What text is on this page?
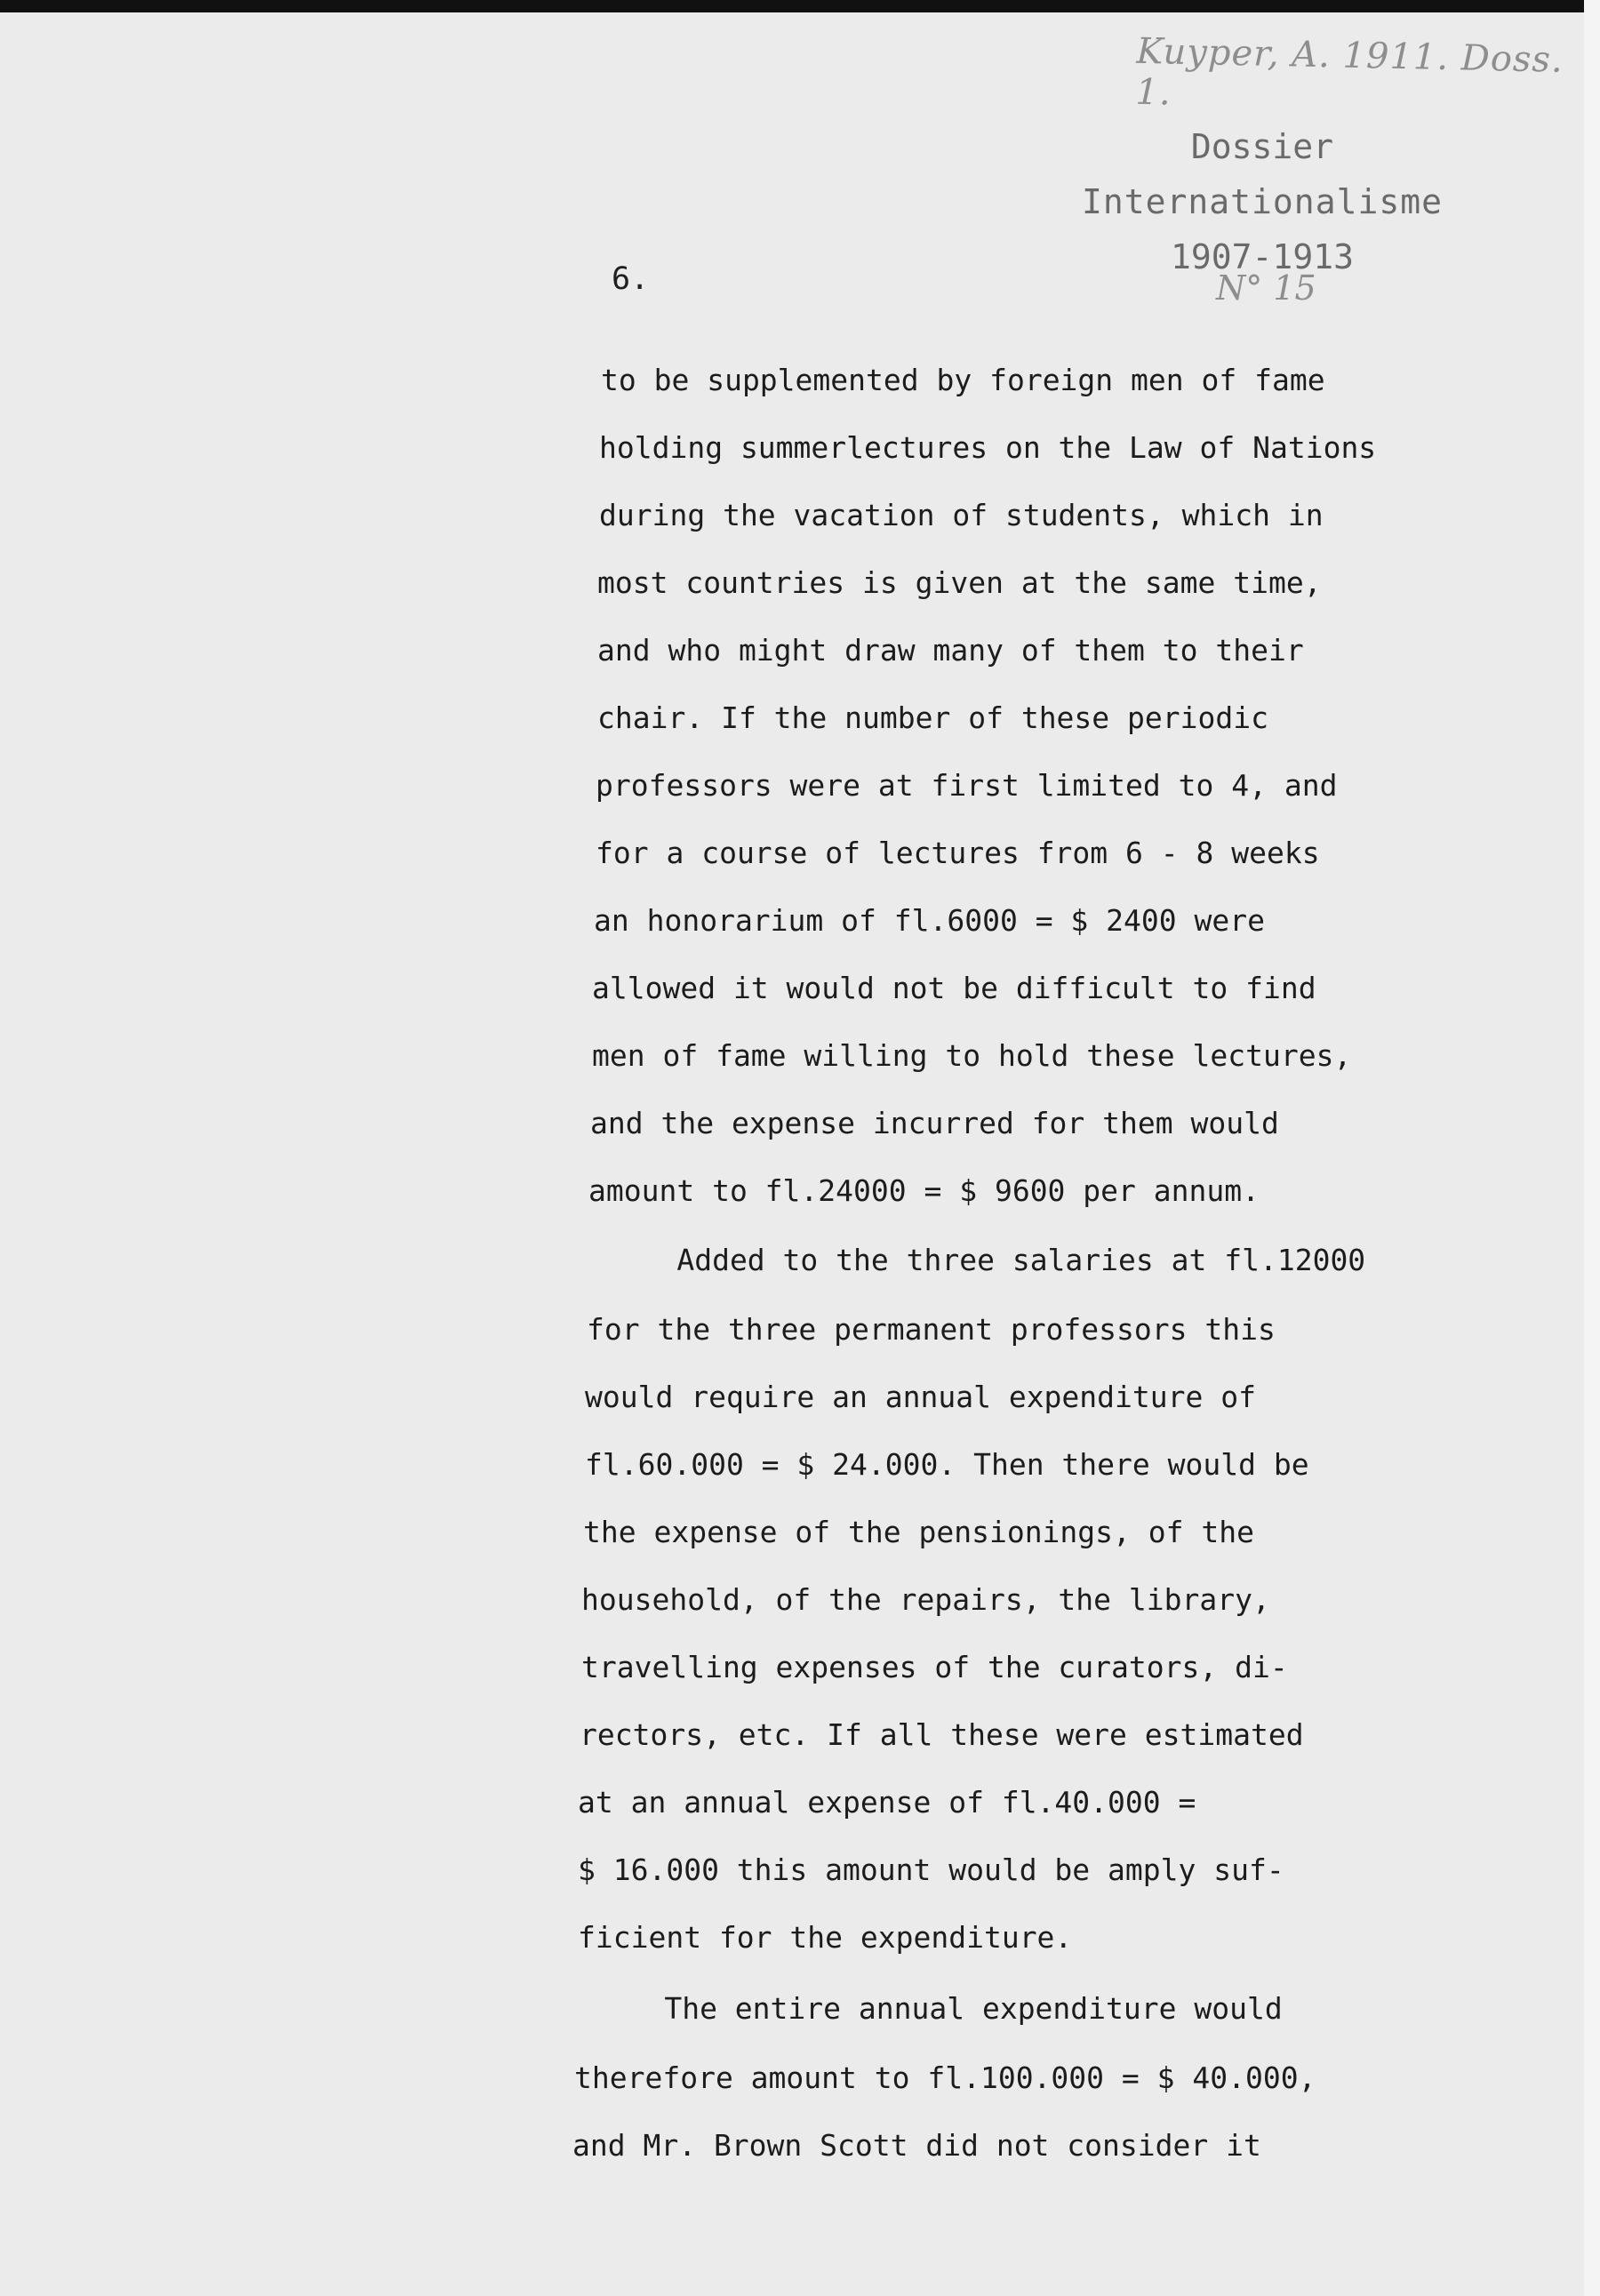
Kuyper, A. 1911. Doss. 1.
Dossier
Internationalisme
1907-1913
N° 15
6.
to be supplemented by foreign men of fame
holding summerlectures on the Law of Nations
during the vacation of students, which in
most countries is given at the same time,
and who might draw many of them to their
chair. If the number of these periodic
professors were at first limited to 4, and
for a course of lectures from 6 - 8 weeks
an honorarium of fl.6000 = $ 2400 were
allowed it would not be difficult to find
men of fame willing to hold these lectures,
and the expense incurred for them would
amount to fl.24000 = $ 9600 per annum.
Added to the three salaries at fl.12000
for the three permanent professors this
would require an annual expenditure of
fl.60.000 = $ 24.000. Then there would be
the expense of the pensionings, of the
household, of the repairs, the library,
travelling expenses of the curators, di-
rectors, etc. If all these were estimated
at an annual expense of fl.40.000 =
$ 16.000 this amount would be amply suf-
ficient for the expenditure.
The entire annual expenditure would
therefore amount to fl.100.000 = $ 40.000,
and Mr. Brown Scott did not consider it
